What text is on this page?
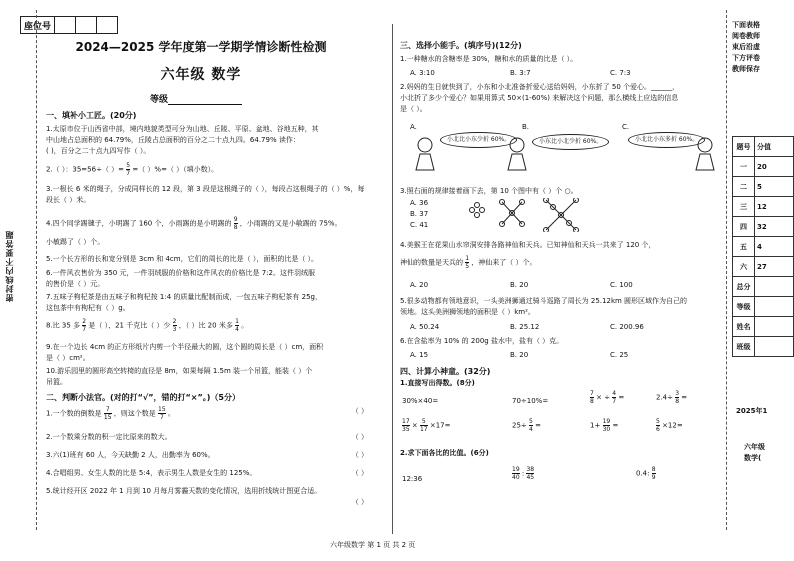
座位号			
密封线内不要答题
2024—2025 学年度第一学期学情诊断性检测
六年级 数学
等级
一、填补小工匠。(20分)
1.太原市位于山西省中部，境内地貌类型可分为山地、丘陵、平原、盆地、谷地五种，其
中山地占总面积的 64.79%，丘陵占总面积的百分之二十点九四。64.79% 读作：
( )，百分之二十点九四写作（ ）。
2.（ ）：35=56÷（ ）= $\frac{5}{7}$ =（ ）%=（ ）（填小数）。
3.一根长 6 米的绳子，分成同样长的 12 段，第 3 段是这根绳子的（ ），每段占这根绳子的（ ）%，每段长（ ）米。
4.四个同学踢毽子，小明踢了 160 个，小雨踢的是小明踢的 $\frac{9}{8}$ ，小雨踢的又是小敏踢的 75%。
小敏踢了（ ）个。
5.一个长方形的长和宽分别是 3cm 和 4cm，它们的周长的比是（ ），面积的比是（ ）。
6.一件风衣售价为 350 元，一件羽绒服的价格和这件风衣的价格比是 7:2。这件羽绒服
的售价是（ ）元。
7.五味子枸杞茶是由五味子和枸杞按 1:4 的质量比配制而成，一包五味子枸杞茶有 25g，
这包茶中有枸杞有（ ）g。
8.比 35 多 $\frac{2}{7}$ 是（ ），21 千克比（ ）少 $\frac{2}{3}$ ，（ ）比 20 米多 $\frac{1}{4}$ 。
9.在一个边长 4cm 的正方形纸片内剪一个半径最大的圆，这个圆的周长是（ ）cm，面积
是（ ）cm²。
10.游乐园里的圆形高空转椅的直径是 8m，如果每隔 1.5m 装一个吊篮，能装（ ）个
吊篮。
二、判断小法官。(对的打“√”，错的打“×”。)（5分）
1.一个数的倒数是 $\frac{7}{15}$ ，则这个数是 $\frac{15}{7}$ 。	（ ）
2.一个数乘分数的积一定比原来的数大。	（ ）
3.六(1)班有 60 人，今天缺勤 2 人，出勤率为 60%。	（ ）
4.合唱组男、女生人数的比是 5:4，表示男生人数是女生的 125%。	（ ）
5.统计经开区 2022 年 1 月到 10 月每月雾霾天数的变化情况，选用折线统计图更合适。
（ ）
三、选择小能手。(填序号)(12分)
1.一种糖水的含糖率是 30%，糖和水的质量的比是（ ）。
A. 3:10	B. 3:7	C. 7:3
2.妈妈的生日就快到了，小东和小北准备折爱心送给妈妈，小东折了 50 个爱心。______，
小北折了多少个爱心？如果用算式 50×(1-60%) 来解决这个问题，那么横线上应选的信息
是（ ）。
A.	B.	C.
小北比小东少折 60%。	小东比小北少折 60%。	小北比小东多折 60%。
3.照右面的规律接着画下去，第 10 个图中有（ ）个 ○。
A. 36
B. 37
C. 41
4.美猴王在花果山水帘洞安排各路神仙和天兵。已知神仙和天兵一共来了 120 个，
神仙的数量是天兵的 $\frac{1}{5}$ ，神仙来了（ ）个。
A. 20	B. 20	C. 100
5.很多动物都有领地意识，一头美洲狮通过骑斗巡路了周长为 25.12km 圆形区域作为自己的
领地。这头美洲狮领地的面积是（ ）km²。
A. 50.24	B. 25.12	C. 200.96
6.在含盐率为 10% 的 200g 盐水中，盐有（ ）克。
A. 15	B. 20	C. 25
四、计算小神童。(32分)
1.直接写出得数。(8分)
30%×40=	70÷10%=	$\frac{7}{8}$ × ÷ $\frac{4}{7}$ =	$2.4\div \frac{3}{8}$ =
$\frac{17}{35} \times \frac{5}{17} \times 17=$	$25\div \frac{5}{4}$ =	$1+ \frac{19}{30}$ =	$\frac{5}{6} \times 12=$
2.求下面各比的比值。(6分)
12:36	$\frac{19}{40}$ : $\frac{38}{45}$	0.4: $\frac{8}{9}$
下面表格
阅卷教师
束后沿虚
下方评卷
教师保存
题号	分值
一	20
二	5
三	12
四	32
五	4
六	27
总分	
等级	
姓名	
班级	
2025年1
六年级
数学(
六年级数学 第 1 页 共 2 页
